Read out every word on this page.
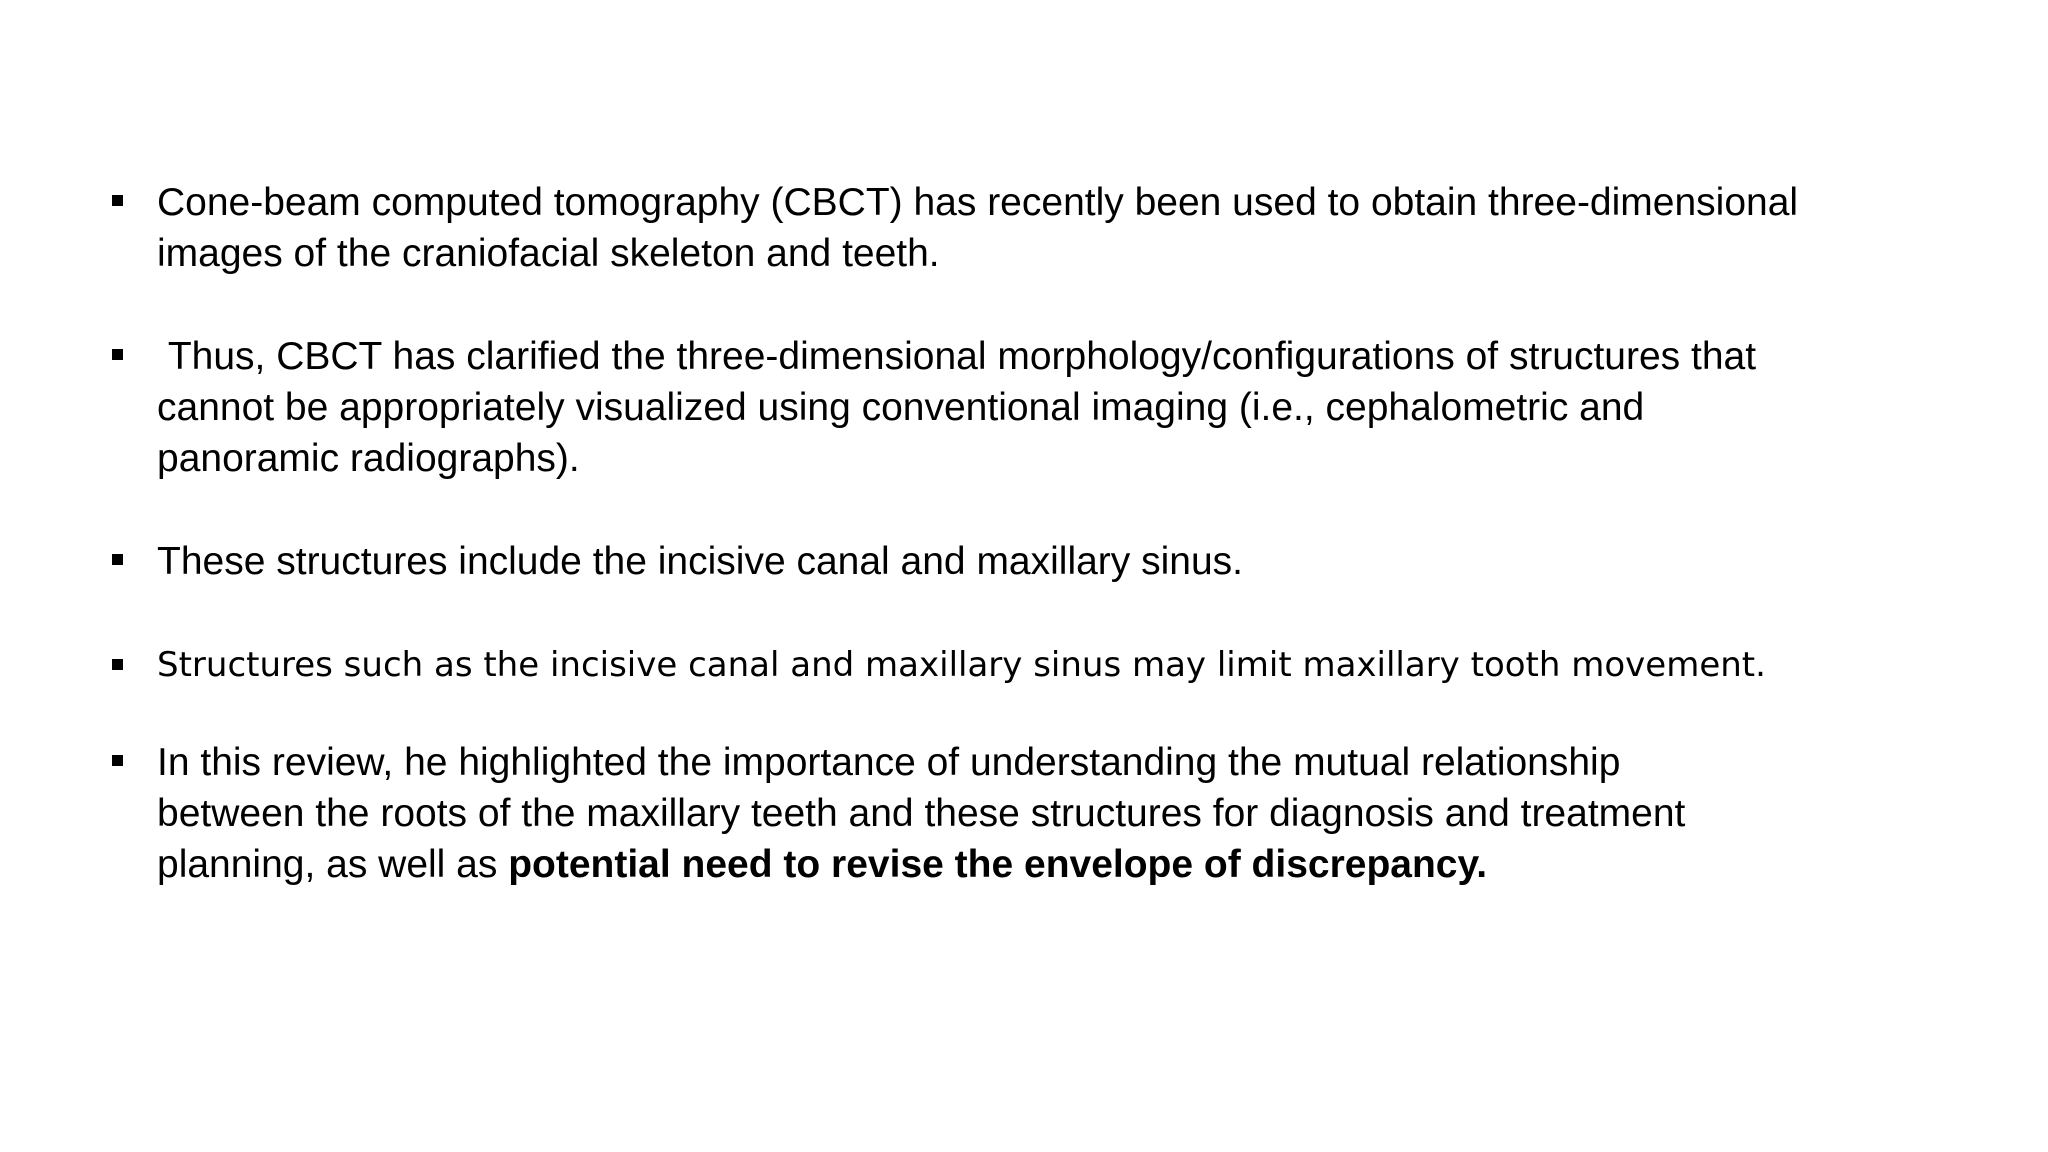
Cone-beam computed tomography (CBCT) has recently been used to obtain three-dimensional images of the craniofacial skeleton and teeth.
Thus, CBCT has clarified the three-dimensional morphology/configurations of structures that cannot be appropriately visualized using conventional imaging (i.e., cephalometric and panoramic radiographs).
These structures include the incisive canal and maxillary sinus.
Structures such as the incisive canal and maxillary sinus may limit maxillary tooth movement.
In this review, he highlighted the importance of understanding the mutual relationship between the roots of the maxillary teeth and these structures for diagnosis and treatment planning, as well as potential need to revise the envelope of discrepancy.
